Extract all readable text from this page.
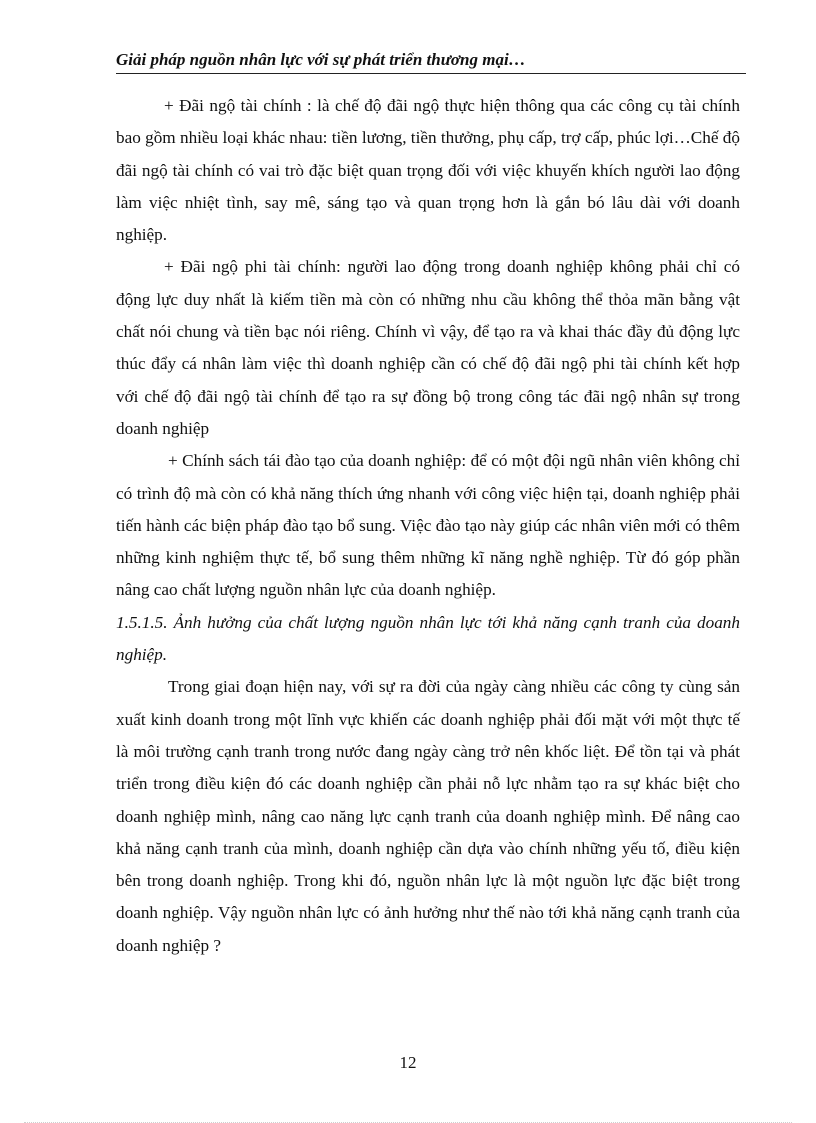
Giải pháp nguồn nhân lực với sự phát triển thương mại…

+ Đãi ngộ tài chính : là chế độ đãi ngộ thực hiện thông qua các công cụ tài chính bao gồm nhiều loại khác nhau: tiền lương, tiền thưởng, phụ cấp, trợ cấp, phúc lợi…Chế độ đãi ngộ tài chính có vai trò đặc biệt quan trọng đối với việc khuyến khích người lao động làm việc nhiệt tình, say mê, sáng tạo và quan trọng hơn là gắn bó lâu dài với doanh nghiệp.

+ Đãi ngộ phi tài chính: người lao động trong doanh nghiệp không phải chỉ có động lực duy nhất là kiếm tiền mà còn có những nhu cầu không thể thỏa mãn bằng vật chất nói chung và tiền bạc nói riêng. Chính vì vậy, để tạo ra và khai thác đầy đủ động lực thúc đẩy cá nhân làm việc thì doanh nghiệp cần có chế độ đãi ngộ phi tài chính kết hợp với chế độ đãi ngộ tài chính để tạo ra sự đồng bộ trong công tác đãi ngộ nhân sự trong doanh nghiệp

+ Chính sách tái đào tạo của doanh nghiệp: để có một đội ngũ nhân viên không chỉ có trình độ mà còn có khả năng thích ứng nhanh với công việc hiện tại, doanh nghiệp phải tiến hành các biện pháp đào tạo bổ sung. Việc đào tạo này giúp các nhân viên mới có thêm những kinh nghiệm thực tế, bổ sung thêm những kĩ năng nghề nghiệp. Từ đó góp phần nâng cao chất lượng nguồn nhân lực của doanh nghiệp.

1.5.1.5. Ảnh hưởng của chất lượng nguồn nhân lực tới khả năng cạnh tranh của doanh nghiệp.

Trong giai đoạn hiện nay, với sự ra đời của ngày càng nhiều các công ty cùng sản xuất kinh doanh trong một lĩnh vực khiến các doanh nghiệp phải đối mặt với một thực tế là môi trường cạnh tranh trong nước đang ngày càng trở nên khốc liệt. Để tồn tại và phát triển trong điều kiện đó các doanh nghiệp cần phải nỗ lực nhằm tạo ra sự khác biệt cho doanh nghiệp mình, nâng cao năng lực cạnh tranh của doanh nghiệp mình. Để nâng cao khả năng cạnh tranh của mình, doanh nghiệp cần dựa vào chính những yếu tố, điều kiện bên trong doanh nghiệp. Trong khi đó, nguồn nhân lực là một nguồn lực đặc biệt trong doanh nghiệp. Vậy nguồn nhân lực có ảnh hưởng như thế nào tới khả năng cạnh tranh của doanh nghiệp ?

12
